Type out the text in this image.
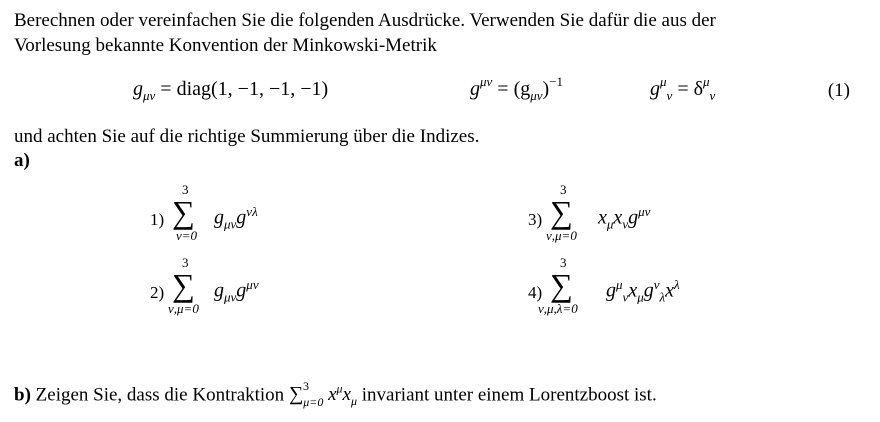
Berechnen oder vereinfachen Sie die folgenden Ausdrücke. Verwenden Sie dafür die aus der
Vorlesung bekannte Konvention der Minkowski-Metrik
$g_{\mu\nu}$ = diag(1, −1, −1, −1)	$g^{\mu\nu} = (g_{\mu\nu})^{-1}$	$g^\mu_\nu = \delta^\mu_\nu$	(1)
und achten Sie auf die richtige Summierung über die Indizes.
a)
1) ∑
3
ν=0
$g_{\mu\nu}g^{\nu\lambda}$
2) ∑
3
ν,μ=0
$g_{\mu\nu}g^{\mu\nu}$
3) ∑
3
ν,μ=0
$x_\mu x_\nu g^{\mu\nu}$
4) ∑
3
ν,μ,λ=0
$g^\mu_\nu x_\mu g^\nu_\lambda x^\lambda$
b) Zeigen Sie, dass die Kontraktion ∑ 3
$_{\mu=0}$ $x^\mu x_\mu$ invariant unter einem Lorentzboost ist.
